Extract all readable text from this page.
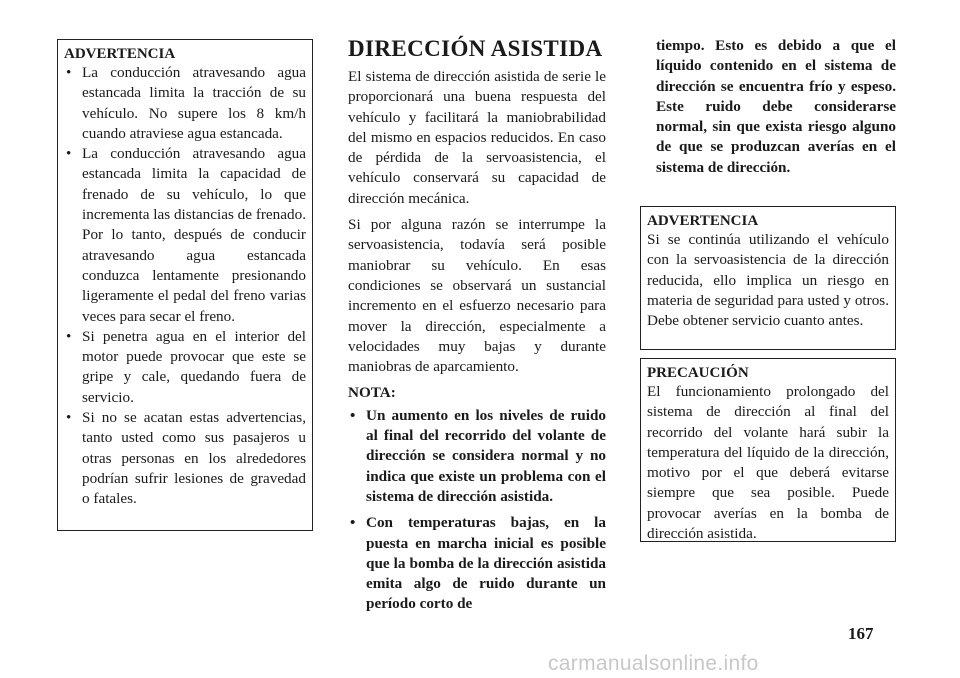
ADVERTENCIA
• La conducción atravesando agua estancada limita la tracción de su vehículo. No supere los 8 km/h cuando atraviese agua estancada.
• La conducción atravesando agua estancada limita la capacidad de frenado de su vehículo, lo que incrementa las distancias de frenado. Por lo tanto, después de conducir atravesando agua estancada conduzca lentamente presionando ligeramente el pedal del freno varias veces para secar el freno.
• Si penetra agua en el interior del motor puede provocar que este se gripe y cale, quedando fuera de servicio.
• Si no se acatan estas advertencias, tanto usted como sus pasajeros u otras personas en los alrededores podrían sufrir lesiones de gravedad o fatales.
DIRECCIÓN ASISTIDA

El sistema de dirección asistida de serie le proporcionará una buena respuesta del vehículo y facilitará la maniobrabilidad del mismo en espacios reducidos. En caso de pérdida de la servoasistencia, el vehículo conservará su capacidad de dirección mecánica.

Si por alguna razón se interrumpe la servoasistencia, todavía será posible maniobrar su vehículo. En esas condiciones se observará un sustancial incremento en el esfuerzo necesario para mover la dirección, especialmente a velocidades muy bajas y durante maniobras de aparcamiento.

NOTA:

• Un aumento en los niveles de ruido al final del recorrido del volante de dirección se considera normal y no indica que existe un problema con el sistema de dirección asistida.
• Con temperaturas bajas, en la puesta en marcha inicial es posible que la bomba de la dirección asistida emita algo de ruido durante un período corto de
tiempo. Esto es debido a que el líquido contenido en el sistema de dirección se encuentra frío y espeso. Este ruido debe considerarse normal, sin que exista riesgo alguno de que se produzcan averías en el sistema de dirección.
ADVERTENCIA

Si se continúa utilizando el vehículo con la servoasistencia de la dirección reducida, ello implica un riesgo en materia de seguridad para usted y otros. Debe obtener servicio cuanto antes.

PRECAUCIÓN

El funcionamiento prolongado del sistema de dirección al final del recorrido del volante hará subir la temperatura del líquido de la dirección, motivo por el que deberá evitarse siempre que sea posible. Puede provocar averías en la bomba de dirección asistida.

167
carmanualsonline.info
